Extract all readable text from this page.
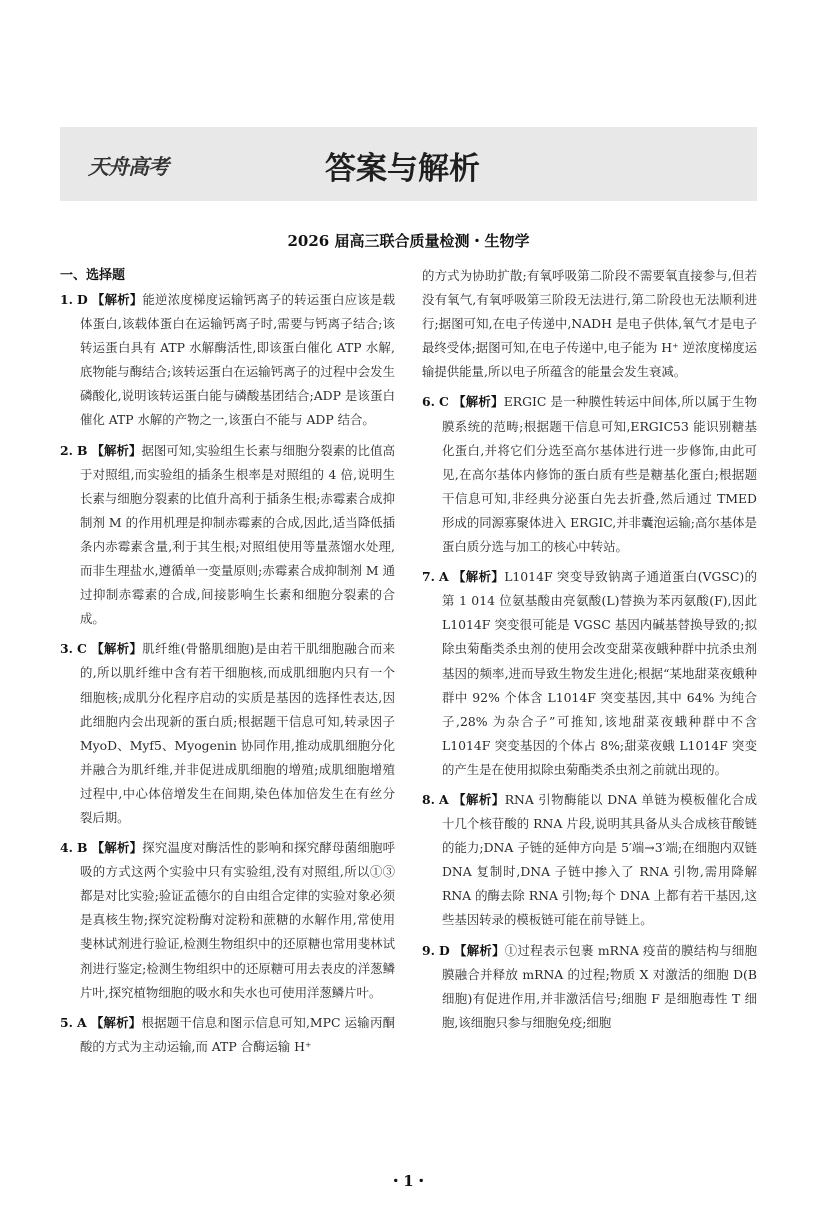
天舟高考	答案与解析
2026 届高三联合质量检测・生物学
一、选择题

1. D 【解析】能逆浓度梯度运输钙离子的转运蛋白应该是载体蛋白,该载体蛋白在运输钙离子时,需要与钙离子结合;该转运蛋白具有 ATP 水解酶活性,即该蛋白催化 ATP 水解,底物能与酶结合;该转运蛋白在运输钙离子的过程中会发生磷酸化,说明该转运蛋白能与磷酸基团结合;ADP 是该蛋白催化 ATP 水解的产物之一,该蛋白不能与 ADP 结合。

2. B 【解析】据图可知,实验组生长素与细胞分裂素的比值高于对照组,而实验组的插条生根率是对照组的 4 倍,说明生长素与细胞分裂素的比值升高利于插条生根;赤霉素合成抑制剂 M 的作用机理是抑制赤霉素的合成,因此,适当降低插条内赤霉素含量,利于其生根;对照组使用等量蒸馏水处理,而非生理盐水,遵循单一变量原则;赤霉素合成抑制剂 M 通过抑制赤霉素的合成,间接影响生长素和细胞分裂素的合成。

3. C 【解析】肌纤维(骨骼肌细胞)是由若干肌细胞融合而来的,所以肌纤维中含有若干细胞核,而成肌细胞内只有一个细胞核;成肌分化程序启动的实质是基因的选择性表达,因此细胞内会出现新的蛋白质;根据题干信息可知,转录因子 MyoD、Myf5、Myogenin 协同作用,推动成肌细胞分化并融合为肌纤维,并非促进成肌细胞的增殖;成肌细胞增殖过程中,中心体倍增发生在间期,染色体加倍发生在有丝分裂后期。

4. B 【解析】探究温度对酶活性的影响和探究酵母菌细胞呼吸的方式这两个实验中只有实验组,没有对照组,所以①③都是对比实验;验证孟德尔的自由组合定律的实验对象必须是真核生物;探究淀粉酶对淀粉和蔗糖的水解作用,常使用斐林试剂进行验证,检测生物组织中的还原糖也常用斐林试剂进行鉴定;检测生物组织中的还原糖可用去表皮的洋葱鳞片叶,探究植物细胞的吸水和失水也可使用洋葱鳞片叶。

5. A 【解析】根据题干信息和图示信息可知,MPC 运输丙酮酸的方式为主动运输,而 ATP 合酶运输 H⁺

的方式为协助扩散;有氧呼吸第二阶段不需要氧直接参与,但若没有氧气,有氧呼吸第三阶段无法进行,第二阶段也无法顺利进行;据图可知,在电子传递中,NADH 是电子供体,氧气才是电子最终受体;据图可知,在电子传递中,电子能为 H⁺ 逆浓度梯度运输提供能量,所以电子所蕴含的能量会发生衰减。

6. C 【解析】ERGIC 是一种膜性转运中间体,所以属于生物膜系统的范畴;根据题干信息可知,ERGIC53 能识别糖基化蛋白,并将它们分选至高尔基体进行进一步修饰,由此可见,在高尔基体内修饰的蛋白质有些是糖基化蛋白;根据题干信息可知,非经典分泌蛋白先去折叠,然后通过 TMED 形成的同源寡聚体进入 ERGIC,并非囊泡运输;高尔基体是蛋白质分选与加工的核心中转站。

7. A 【解析】L1014F 突变导致钠离子通道蛋白(VGSC)的第 1 014 位氨基酸由亮氨酸(L)替换为苯丙氨酸(F),因此 L1014F 突变很可能是 VGSC 基因内碱基替换导致的;拟除虫菊酯类杀虫剂的使用会改变甜菜夜蛾种群中抗杀虫剂基因的频率,进而导致生物发生进化;根据“某地甜菜夜蛾种群中 92% 个体含 L1014F 突变基因,其中 64% 为纯合子,28% 为杂合子”可推知,该地甜菜夜蛾种群中不含 L1014F 突变基因的个体占 8%;甜菜夜蛾 L1014F 突变的产生是在使用拟除虫菊酯类杀虫剂之前就出现的。

8. A 【解析】RNA 引物酶能以 DNA 单链为模板催化合成十几个核苷酸的 RNA 片段,说明其具备从头合成核苷酸链的能力;DNA 子链的延伸方向是 5′端→3′端;在细胞内双链 DNA 复制时,DNA 子链中掺入了 RNA 引物,需用降解 RNA 的酶去除 RNA 引物;每个 DNA 上都有若干基因,这些基因转录的模板链可能在前导链上。

9. D 【解析】①过程表示包裹 mRNA 疫苗的膜结构与细胞膜融合并释放 mRNA 的过程;物质 X 对激活的细胞 D(B 细胞)有促进作用,并非激活信号;细胞 F 是细胞毒性 T 细胞,该细胞只参与细胞免疫;细胞

・1・
